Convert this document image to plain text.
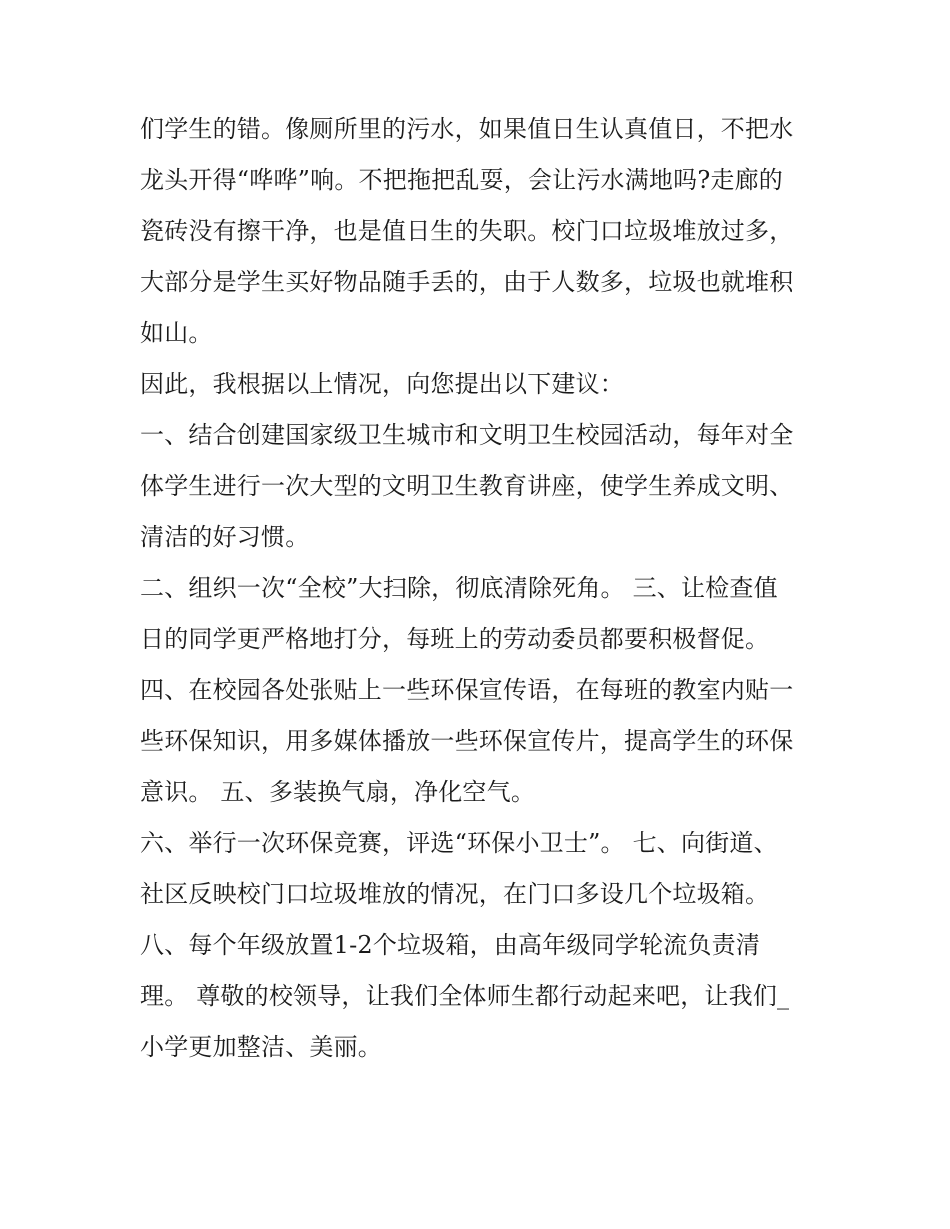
们学生的错。像厕所里的污水，如果值日生认真值日，不把水
龙头开得“哗哗”响。不把拖把乱耍，会让污水满地吗?走廊的
瓷砖没有擦干净，也是值日生的失职。校门口垃圾堆放过多，
大部分是学生买好物品随手丢的，由于人数多，垃圾也就堆积
如山。
因此，我根据以上情况，向您提出以下建议：
一、结合创建国家级卫生城市和文明卫生校园活动，每年对全
体学生进行一次大型的文明卫生教育讲座，使学生养成文明、
清洁的好习惯。
二、组织一次“全校”大扫除，彻底清除死角。 三、让检查值
日的同学更严格地打分，每班上的劳动委员都要积极督促。
四、在校园各处张贴上一些环保宣传语，在每班的教室内贴一
些环保知识，用多媒体播放一些环保宣传片，提高学生的环保
意识。 五、多装换气扇，净化空气。
六、举行一次环保竞赛，评选“环保小卫士”。 七、向街道、
社区反映校门口垃圾堆放的情况，在门口多设几个垃圾箱。
八、每个年级放置1-2个垃圾箱，由高年级同学轮流负责清
理。 尊敬的校领导，让我们全体师生都行动起来吧，让我们_
小学更加整洁、美丽。
